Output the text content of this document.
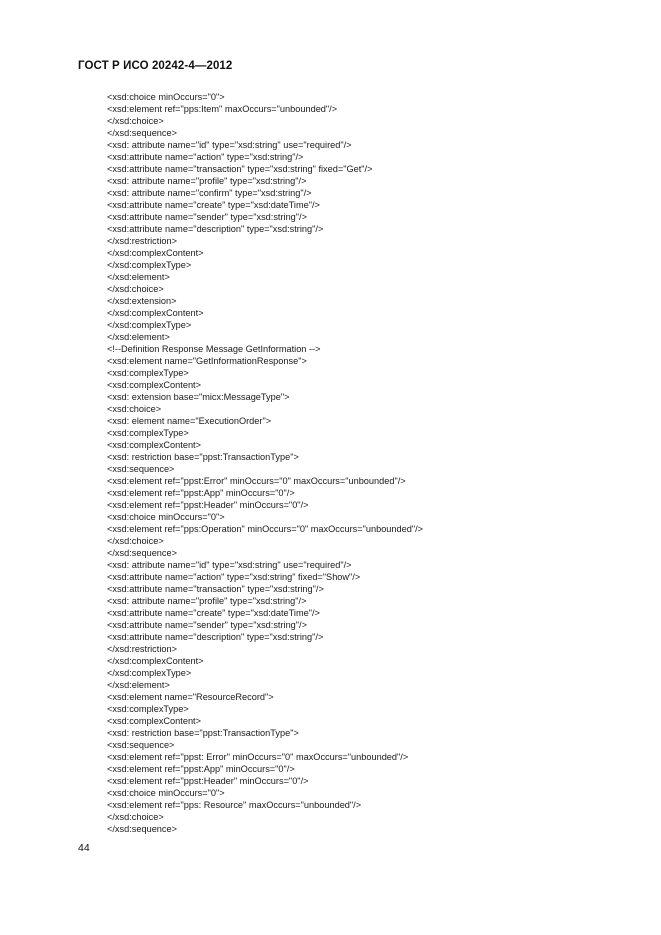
ГОСТ Р ИСО 20242-4—2012
<xsd:choice minOccurs="0">
<xsd:element ref="pps:Item" maxOccurs="unbounded"/>
</xsd:choice>
</xsd:sequence>
<xsd: attribute name="id" type="xsd:string" use="required"/>
<xsd:attribute name="action" type="xsd:string"/>
<xsd:attribute name="transaction" type="xsd:string" fixed="Get"/>
<xsd: attribute name="profile" type="xsd:string"/>
<xsd: attribute name="confirm" type="xsd:string"/>
<xsd:attribute name="create" type="xsd:dateTime"/>
<xsd:attribute name="sender" type="xsd:string"/>
<xsd:attribute name="description" type="xsd:string"/>
</xsd:restriction>
</xsd:complexContent>
</xsd:complexType>
</xsd:element>
</xsd:choice>
</xsd:extension>
</xsd:complexContent>
</xsd:complexType>
</xsd:element>
<!--Definition Response Message GetInformation -->
<xsd:element name="GetInformationResponse">
<xsd:complexType>
<xsd:complexContent>
<xsd: extension base="micx:MessageType">
<xsd:choice>
<xsd: element name="ExecutionOrder">
<xsd:complexType>
<xsd:complexContent>
<xsd: restriction base="ppst:TransactionType">
<xsd:sequence>
<xsd:element ref="ppst:Error" minOccurs="0" maxOccurs="unbounded"/>
<xsd:element ref="ppst:App" minOccurs="0"/>
<xsd:element ref="ppst:Header" minOccurs="0"/>
<xsd:choice minOccurs="0">
<xsd:element ref="pps:Operation" minOccurs="0" maxOccurs="unbounded"/>
</xsd:choice>
</xsd:sequence>
<xsd: attribute name="id" type="xsd:string" use="required"/>
<xsd:attribute name="action" type="xsd:string" fixed="Show"/>
<xsd:attribute name="transaction" type="xsd:string"/>
<xsd: attribute name="profile" type="xsd:string"/>
<xsd:attribute name="create" type="xsd:dateTime"/>
<xsd:attribute name="sender" type="xsd:string"/>
<xsd:attribute name="description" type="xsd:string"/>
</xsd:restriction>
</xsd:complexContent>
</xsd:complexType>
</xsd:element>
<xsd:element name="ResourceRecord">
<xsd:complexType>
<xsd:complexContent>
<xsd: restriction base="ppst:TransactionType">
<xsd:sequence>
<xsd:element ref="ppst: Error" minOccurs="0" maxOccurs="unbounded"/>
<xsd:element ref="ppst:App" minOccurs="0"/>
<xsd:element ref="ppst:Header" minOccurs="0"/>
<xsd:choice minOccurs="0">
<xsd:element ref="pps: Resource" maxOccurs="unbounded"/>
</xsd:choice>
</xsd:sequence>
44
